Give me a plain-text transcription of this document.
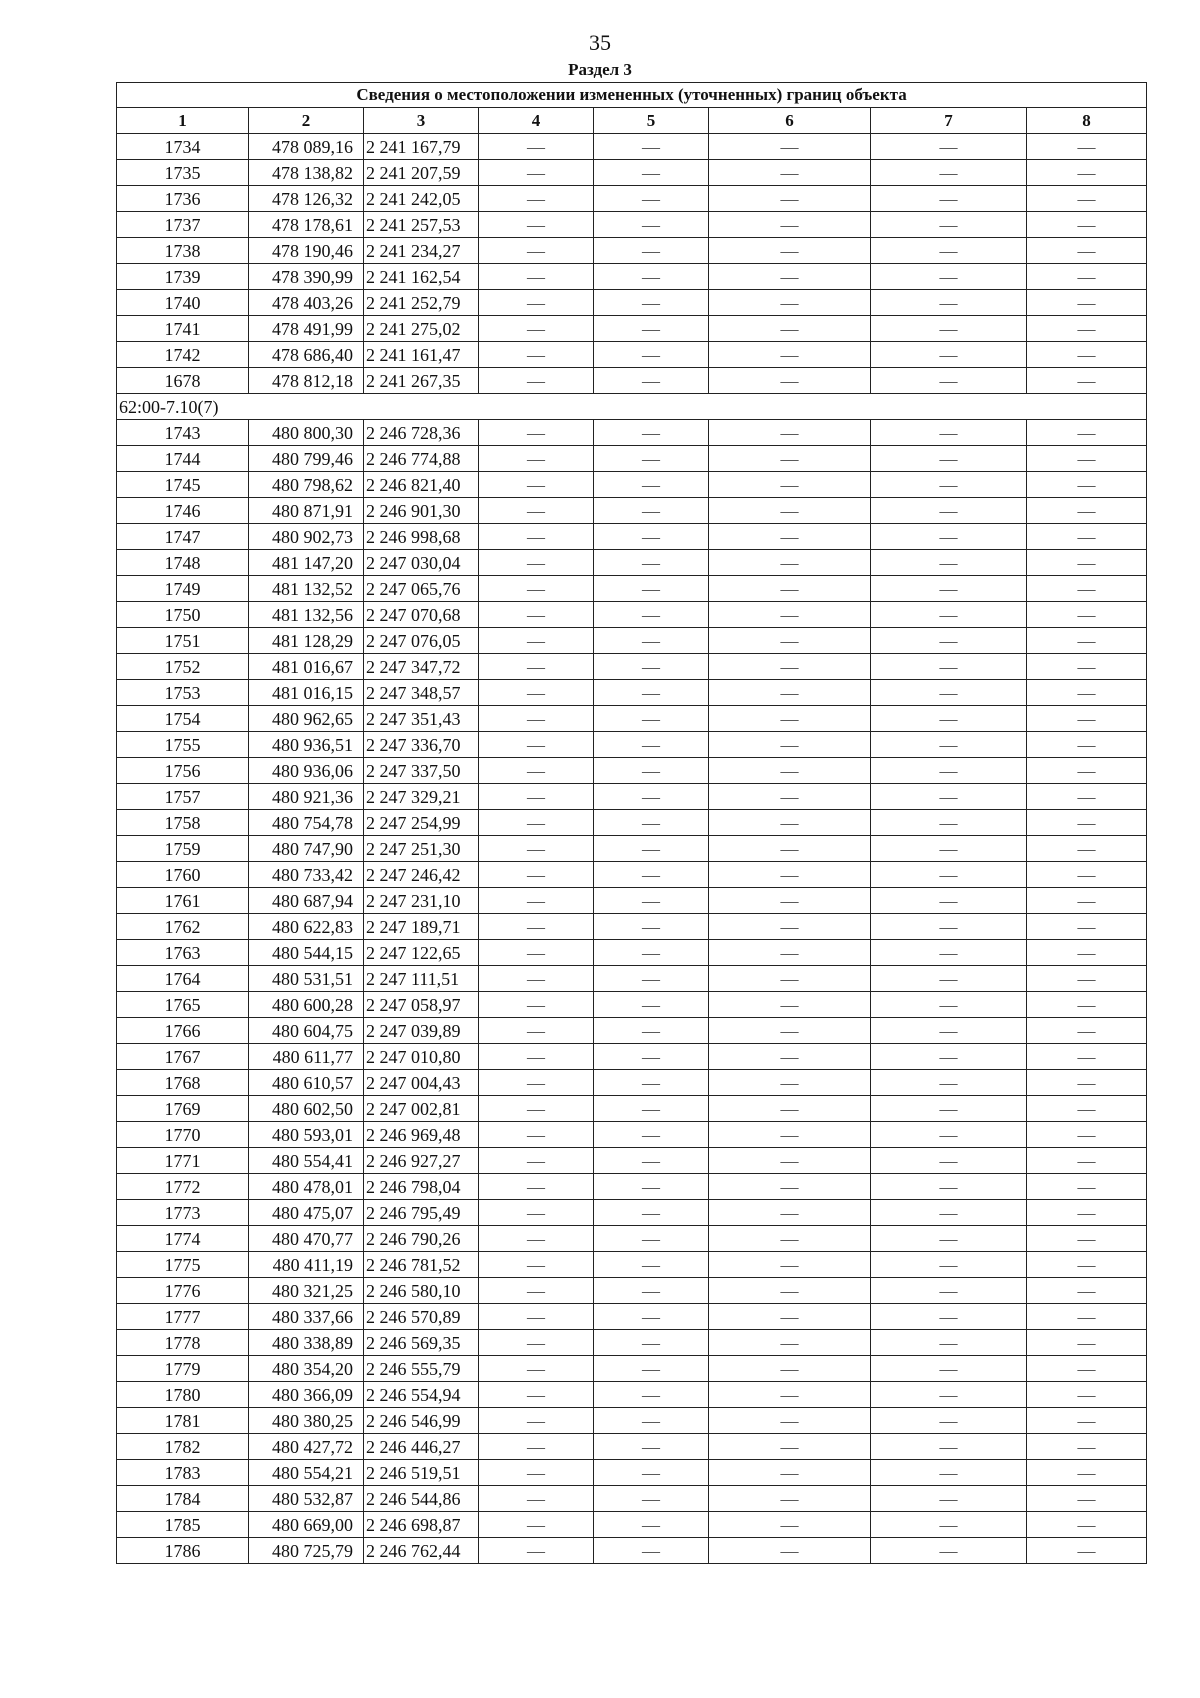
35
Раздел 3
Сведения о местоположении измененных (уточненных) границ объекта							
1	2	3	4	5	6	7	8
1734	478 089,16	2 241 167,79	—	—	—	—	—
1735	478 138,82	2 241 207,59	—	—	—	—	—
1736	478 126,32	2 241 242,05	—	—	—	—	—
1737	478 178,61	2 241 257,53	—	—	—	—	—
1738	478 190,46	2 241 234,27	—	—	—	—	—
1739	478 390,99	2 241 162,54	—	—	—	—	—
1740	478 403,26	2 241 252,79	—	—	—	—	—
1741	478 491,99	2 241 275,02	—	—	—	—	—
1742	478 686,40	2 241 161,47	—	—	—	—	—
1678	478 812,18	2 241 267,35	—	—	—	—	—
62:00-7.10(7)							
1743	480 800,30	2 246 728,36	—	—	—	—	—
1744	480 799,46	2 246 774,88	—	—	—	—	—
1745	480 798,62	2 246 821,40	—	—	—	—	—
1746	480 871,91	2 246 901,30	—	—	—	—	—
1747	480 902,73	2 246 998,68	—	—	—	—	—
1748	481 147,20	2 247 030,04	—	—	—	—	—
1749	481 132,52	2 247 065,76	—	—	—	—	—
1750	481 132,56	2 247 070,68	—	—	—	—	—
1751	481 128,29	2 247 076,05	—	—	—	—	—
1752	481 016,67	2 247 347,72	—	—	—	—	—
1753	481 016,15	2 247 348,57	—	—	—	—	—
1754	480 962,65	2 247 351,43	—	—	—	—	—
1755	480 936,51	2 247 336,70	—	—	—	—	—
1756	480 936,06	2 247 337,50	—	—	—	—	—
1757	480 921,36	2 247 329,21	—	—	—	—	—
1758	480 754,78	2 247 254,99	—	—	—	—	—
1759	480 747,90	2 247 251,30	—	—	—	—	—
1760	480 733,42	2 247 246,42	—	—	—	—	—
1761	480 687,94	2 247 231,10	—	—	—	—	—
1762	480 622,83	2 247 189,71	—	—	—	—	—
1763	480 544,15	2 247 122,65	—	—	—	—	—
1764	480 531,51	2 247 111,51	—	—	—	—	—
1765	480 600,28	2 247 058,97	—	—	—	—	—
1766	480 604,75	2 247 039,89	—	—	—	—	—
1767	480 611,77	2 247 010,80	—	—	—	—	—
1768	480 610,57	2 247 004,43	—	—	—	—	—
1769	480 602,50	2 247 002,81	—	—	—	—	—
1770	480 593,01	2 246 969,48	—	—	—	—	—
1771	480 554,41	2 246 927,27	—	—	—	—	—
1772	480 478,01	2 246 798,04	—	—	—	—	—
1773	480 475,07	2 246 795,49	—	—	—	—	—
1774	480 470,77	2 246 790,26	—	—	—	—	—
1775	480 411,19	2 246 781,52	—	—	—	—	—
1776	480 321,25	2 246 580,10	—	—	—	—	—
1777	480 337,66	2 246 570,89	—	—	—	—	—
1778	480 338,89	2 246 569,35	—	—	—	—	—
1779	480 354,20	2 246 555,79	—	—	—	—	—
1780	480 366,09	2 246 554,94	—	—	—	—	—
1781	480 380,25	2 246 546,99	—	—	—	—	—
1782	480 427,72	2 246 446,27	—	—	—	—	—
1783	480 554,21	2 246 519,51	—	—	—	—	—
1784	480 532,87	2 246 544,86	—	—	—	—	—
1785	480 669,00	2 246 698,87	—	—	—	—	—
1786	480 725,79	2 246 762,44	—	—	—	—	—
